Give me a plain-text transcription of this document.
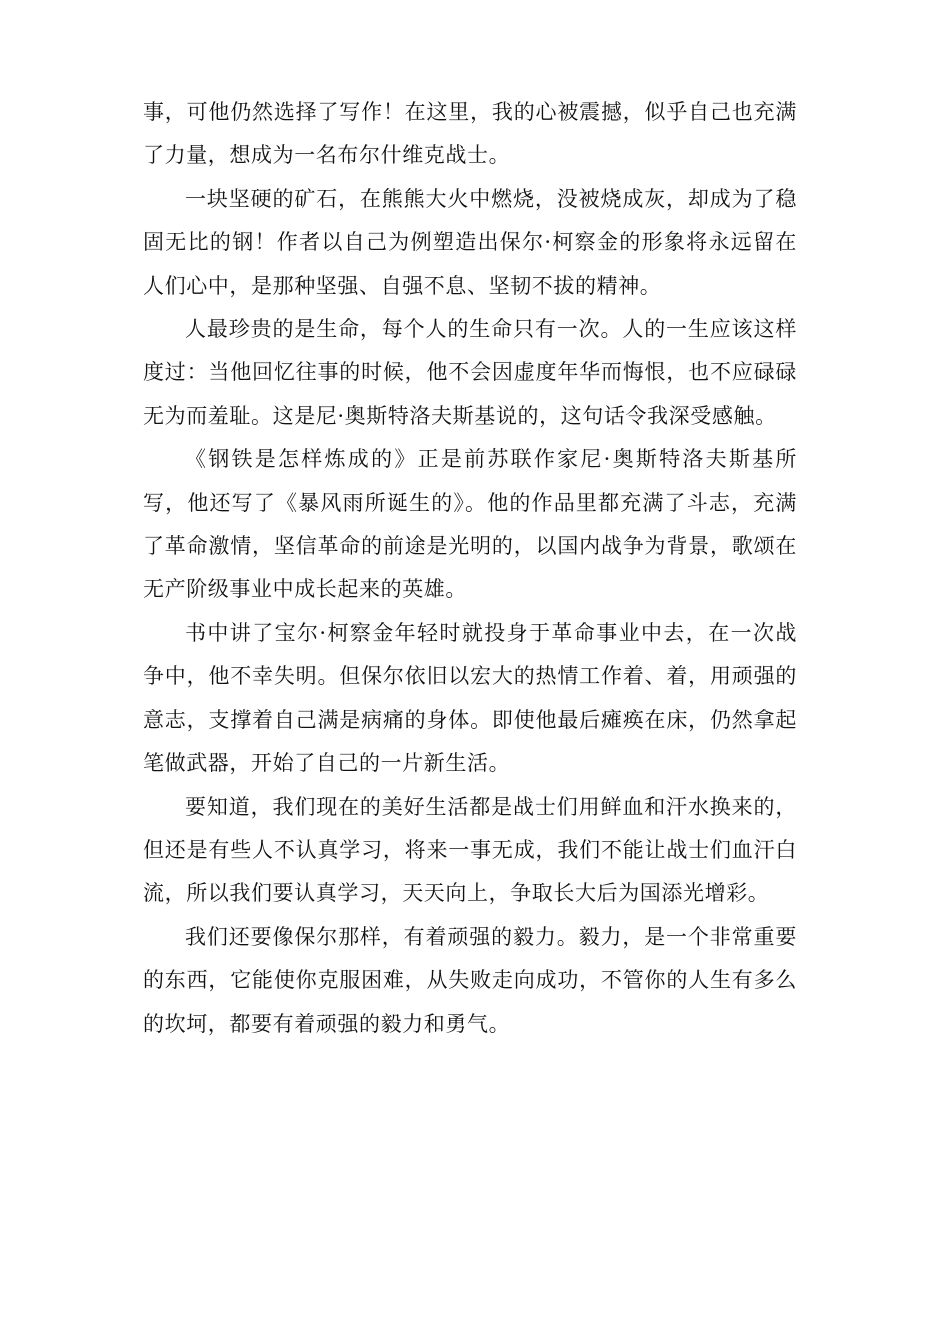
事，可他仍然选择了写作！在这里，我的心被震撼，似乎自己也充满了力量，想成为一名布尔什维克战士。

一块坚硬的矿石，在熊熊大火中燃烧，没被烧成灰，却成为了稳固无比的钢！作者以自己为例塑造出保尔·柯察金的形象将永远留在人们心中，是那种坚强、自强不息、坚韧不拔的精神。

人最珍贵的是生命，每个人的生命只有一次。人的一生应该这样度过：当他回忆往事的时候，他不会因虚度年华而悔恨，也不应碌碌无为而羞耻。这是尼·奥斯特洛夫斯基说的，这句话令我深受感触。

《钢铁是怎样炼成的》正是前苏联作家尼·奥斯特洛夫斯基所写，他还写了《暴风雨所诞生的》。他的作品里都充满了斗志，充满了革命激情，坚信革命的前途是光明的，以国内战争为背景，歌颂在无产阶级事业中成长起来的英雄。

书中讲了宝尔·柯察金年轻时就投身于革命事业中去，在一次战争中，他不幸失明。但保尔依旧以宏大的热情工作着、着，用顽强的意志，支撑着自己满是病痛的身体。即使他最后瘫痪在床，仍然拿起笔做武器，开始了自己的一片新生活。

要知道，我们现在的美好生活都是战士们用鲜血和汗水换来的，但还是有些人不认真学习，将来一事无成，我们不能让战士们血汗白流，所以我们要认真学习，天天向上，争取长大后为国添光增彩。

我们还要像保尔那样，有着顽强的毅力。毅力，是一个非常重要的东西，它能使你克服困难，从失败走向成功，不管你的人生有多么的坎坷，都要有着顽强的毅力和勇气。
